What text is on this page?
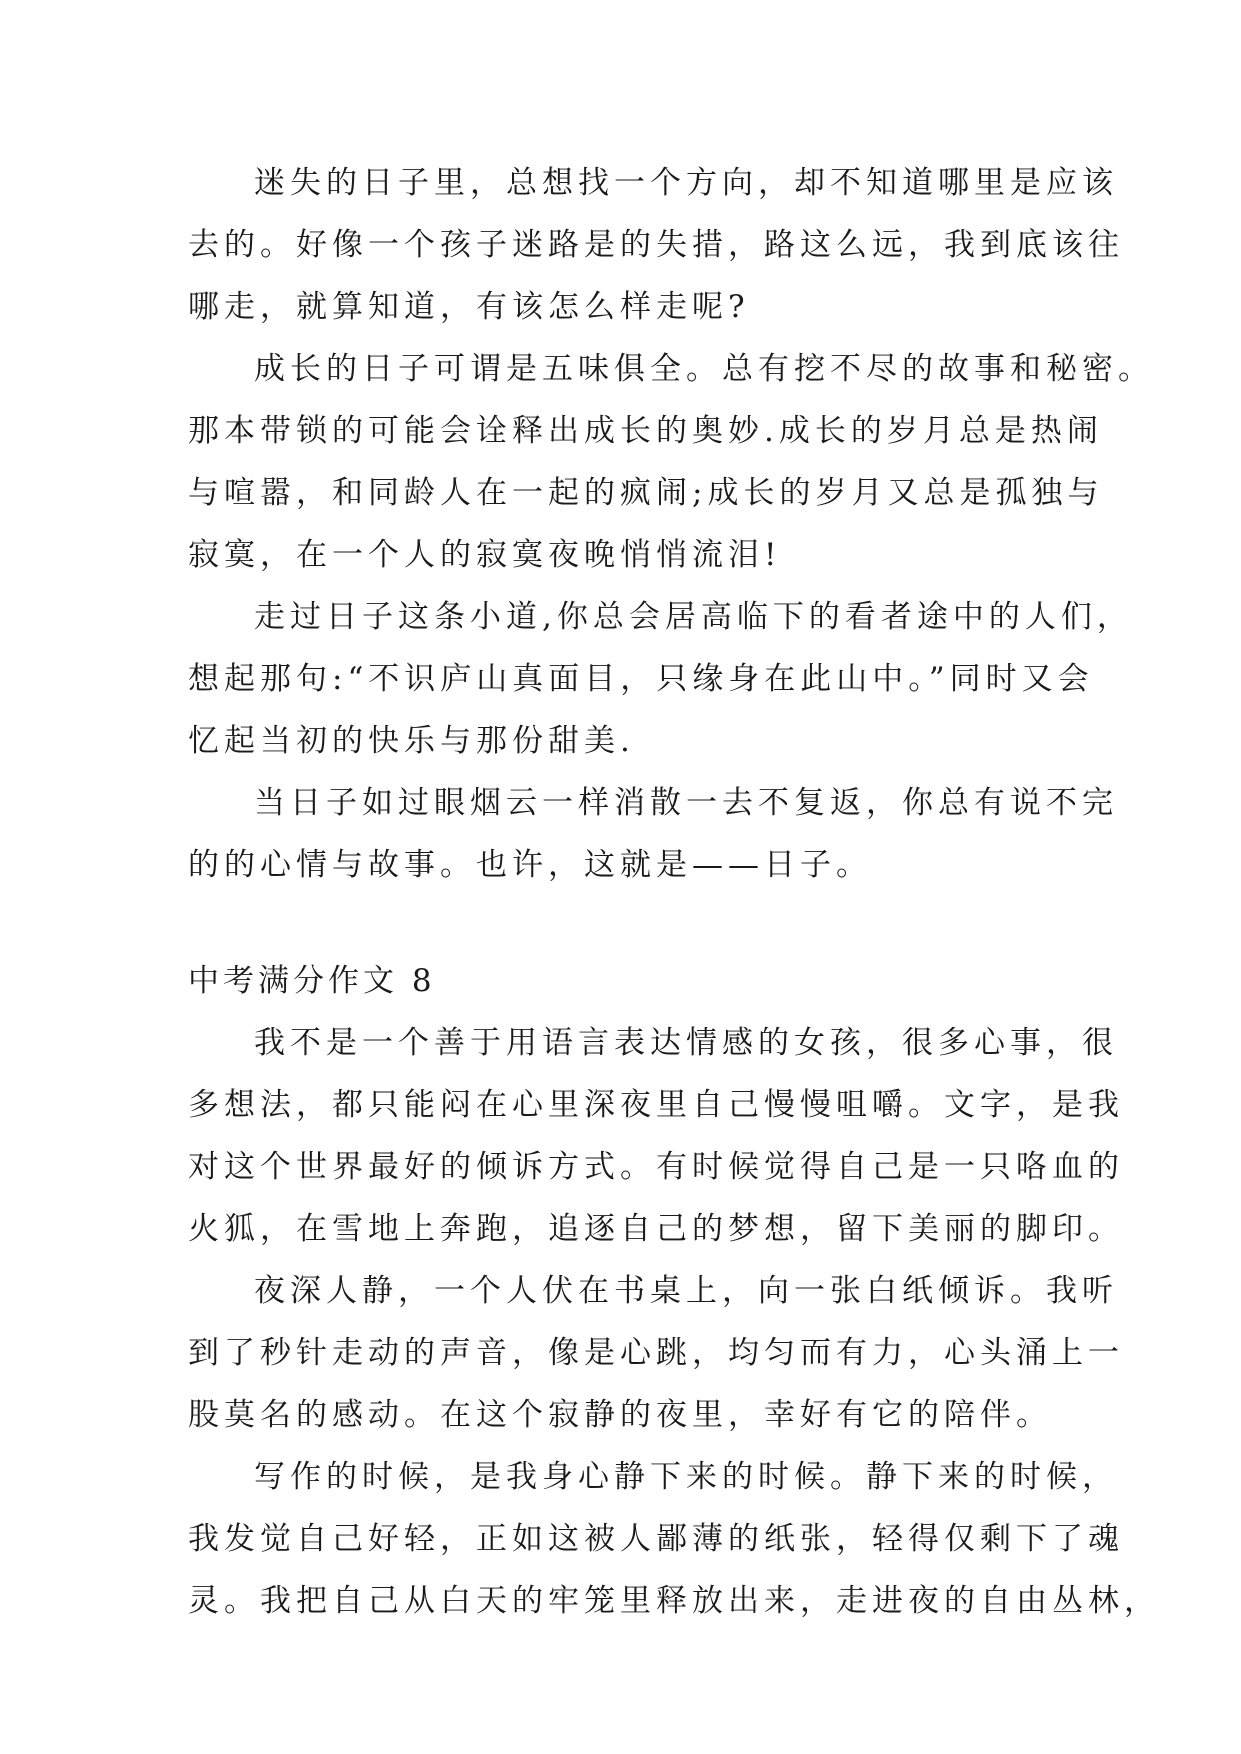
迷失的日子里，总想找一个方向，却不知道哪里是应该
去的。好像一个孩子迷路是的失措，路这么远，我到底该往
哪走，就算知道，有该怎么样走呢?
成长的日子可谓是五味俱全。总有挖不尽的故事和秘密。
那本带锁的可能会诠释出成长的奥妙.成长的岁月总是热闹
与喧嚣，和同龄人在一起的疯闹;成长的岁月又总是孤独与
寂寞，在一个人的寂寞夜晚悄悄流泪!
走过日子这条小道,你总会居高临下的看者途中的人们，
想起那句:“不识庐山真面目，只缘身在此山中。”同时又会
忆起当初的快乐与那份甜美.
当日子如过眼烟云一样消散一去不复返，你总有说不完
的的心情与故事。也许，这就是——日子。
中考满分作文 8
我不是一个善于用语言表达情感的女孩，很多心事，很
多想法，都只能闷在心里深夜里自己慢慢咀嚼。文字，是我
对这个世界最好的倾诉方式。有时候觉得自己是一只咯血的
火狐，在雪地上奔跑，追逐自己的梦想，留下美丽的脚印。
夜深人静，一个人伏在书桌上，向一张白纸倾诉。我听
到了秒针走动的声音，像是心跳，均匀而有力，心头涌上一
股莫名的感动。在这个寂静的夜里，幸好有它的陪伴。
写作的时候，是我身心静下来的时候。静下来的时候，
我发觉自己好轻，正如这被人鄙薄的纸张，轻得仅剩下了魂
灵。我把自己从白天的牢笼里释放出来，走进夜的自由丛林，
